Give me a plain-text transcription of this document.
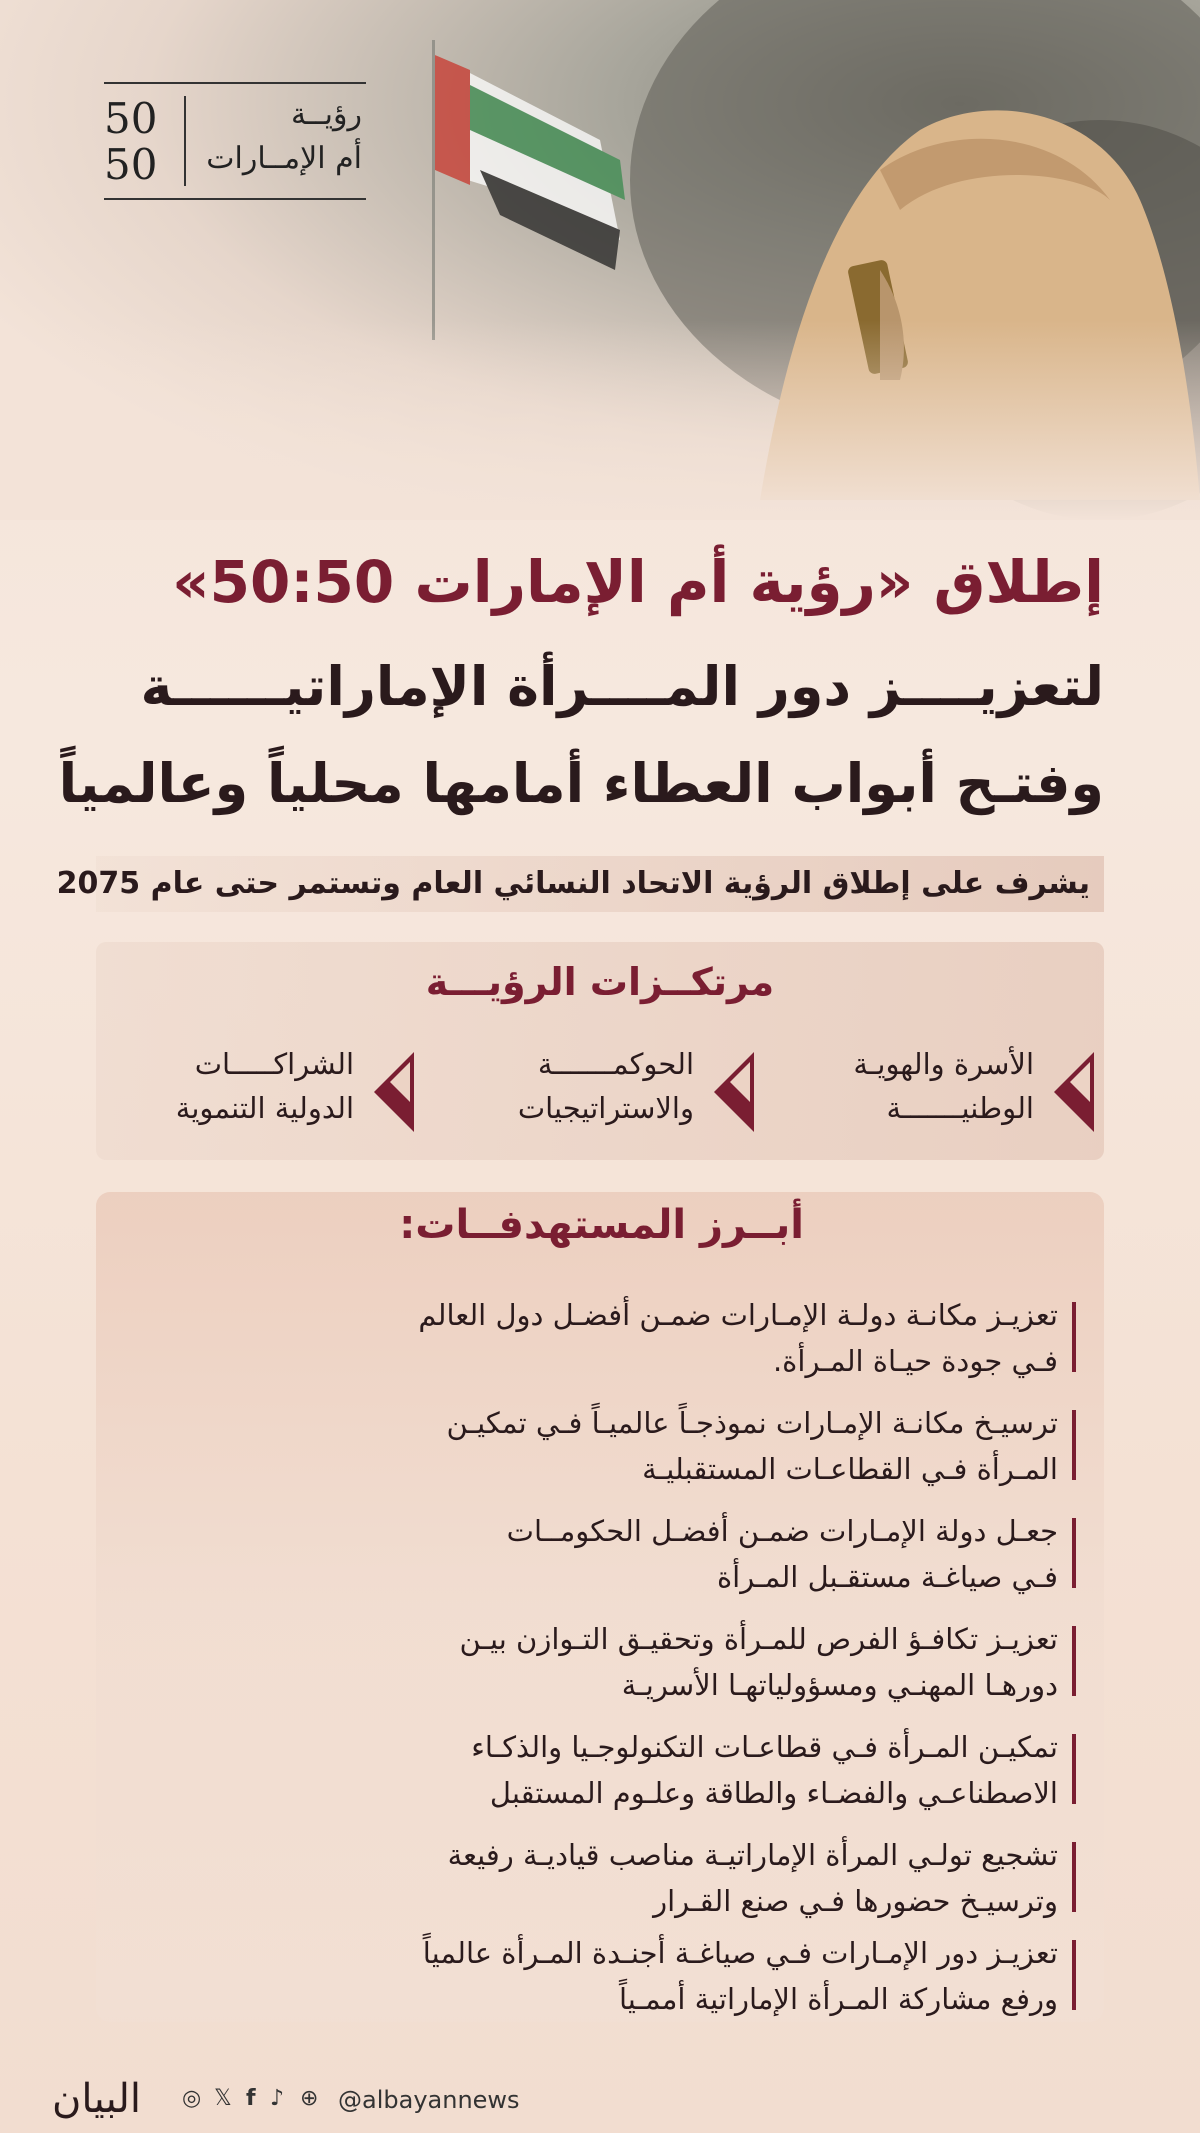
50
50
رؤيــة
أم الإمــارات
إطلاق «رؤية أم الإمارات 50:50»
لتعزيــــز دور المــــرأة الإماراتيــــــة
وفتـح أبواب العطاء أمامها محلياً وعالمياً
يشرف على إطلاق الرؤية الاتحاد النسائي العام وتستمر حتى عام 2075
مرتكــزات الرؤيـــة
الأسرة والهويـة
الوطنيـــــــة
الحوكمـــــــة
والاستراتيجيات
الشراكـــــات
الدولية التنموية
أبــرز المستهدفــات:
تعزيـز مكانـة دولـة الإمـارات ضمـن أفضـل دول العالم
فـي جودة حيـاة المـرأة.
ترسيـخ مكانـة الإمـارات نموذجـاً عالميـاً فـي تمكيـن
المـرأة فـي القطاعـات المستقبليـة
جعـل دولة الإمـارات ضمـن أفضـل الحكومــات
فـي صياغـة مستقـبل المـرأة
تعزيـز تكافـؤ الفرص للمـرأة وتحقيـق التـوازن بيـن
دورهـا المهنـي ومسؤولياتهـا الأسريـة
تمكيـن المـرأة فـي قطاعـات التكنولوجـيا والذكـاء
الاصطناعـي والفضـاء والطاقة وعلـوم المستقبل
تشجيع تولـي المرأة الإماراتيـة مناصب قياديـة رفيعة
وترسيـخ حضورها فـي صنع القـرار
تعزيـز دور الإمـارات فـي صياغـة أجنـدة المـرأة عالمياً
ورفع مشاركة المـرأة الإماراتية أممـياً
البيان ◎ 𝕏 f ♪ ⊕ @albayannews
